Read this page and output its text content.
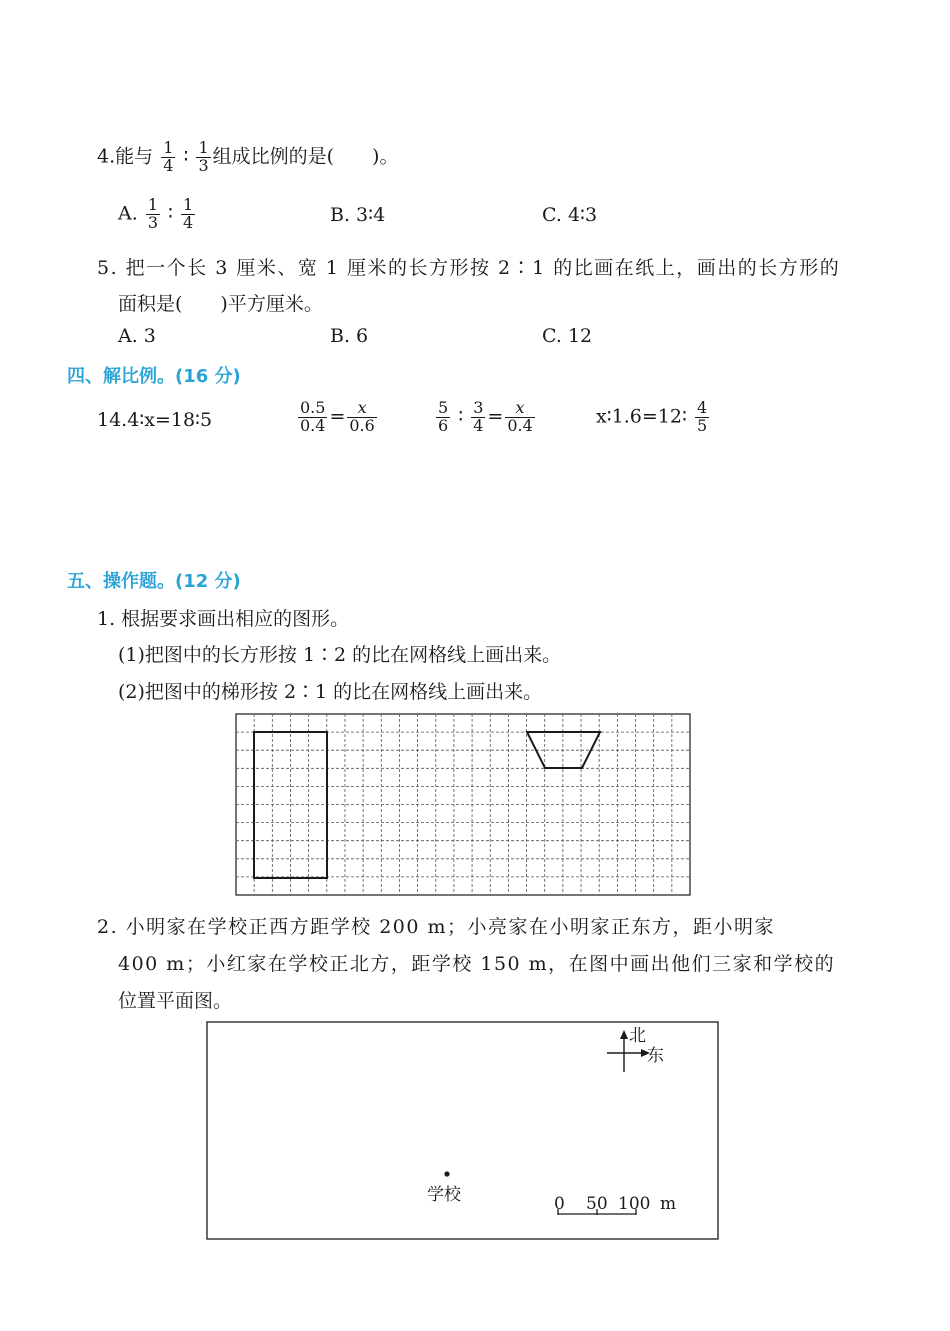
4.能与 $\frac{1}{4}$ ∶ $\frac{1}{3}$ 组成比例的是(　　)。
A. $\frac{1}{3}$ ∶ $\frac{1}{4}$	B. 3∶4	C. 4∶3
5. 把一个长 3 厘米、宽 1 厘米的长方形按 2∶1 的比画在纸上，画出的长方形的
面积是(　　)平方厘米。
A. 3	B. 6	C. 12
四、解比例。(16 分)
14.4∶x=18∶5	$\frac{0.5}{0.4} = \frac{x}{0.6}$	$\frac{5}{6}$ ∶ $\frac{3}{4} = \frac{x}{0.4}$	x∶1.6=12∶ $\frac{4}{5}$
五、操作题。(12 分)
1. 根据要求画出相应的图形。
(1)把图中的长方形按 1∶2 的比在网格线上画出来。
(2)把图中的梯形按 2∶1 的比在网格线上画出来。
北
东
学校	0 50 100 m
2. 小明家在学校正西方距学校 200 m；小亮家在小明家正东方，距小明家
400 m；小红家在学校正北方，距学校 150 m，在图中画出他们三家和学校的
位置平面图。
